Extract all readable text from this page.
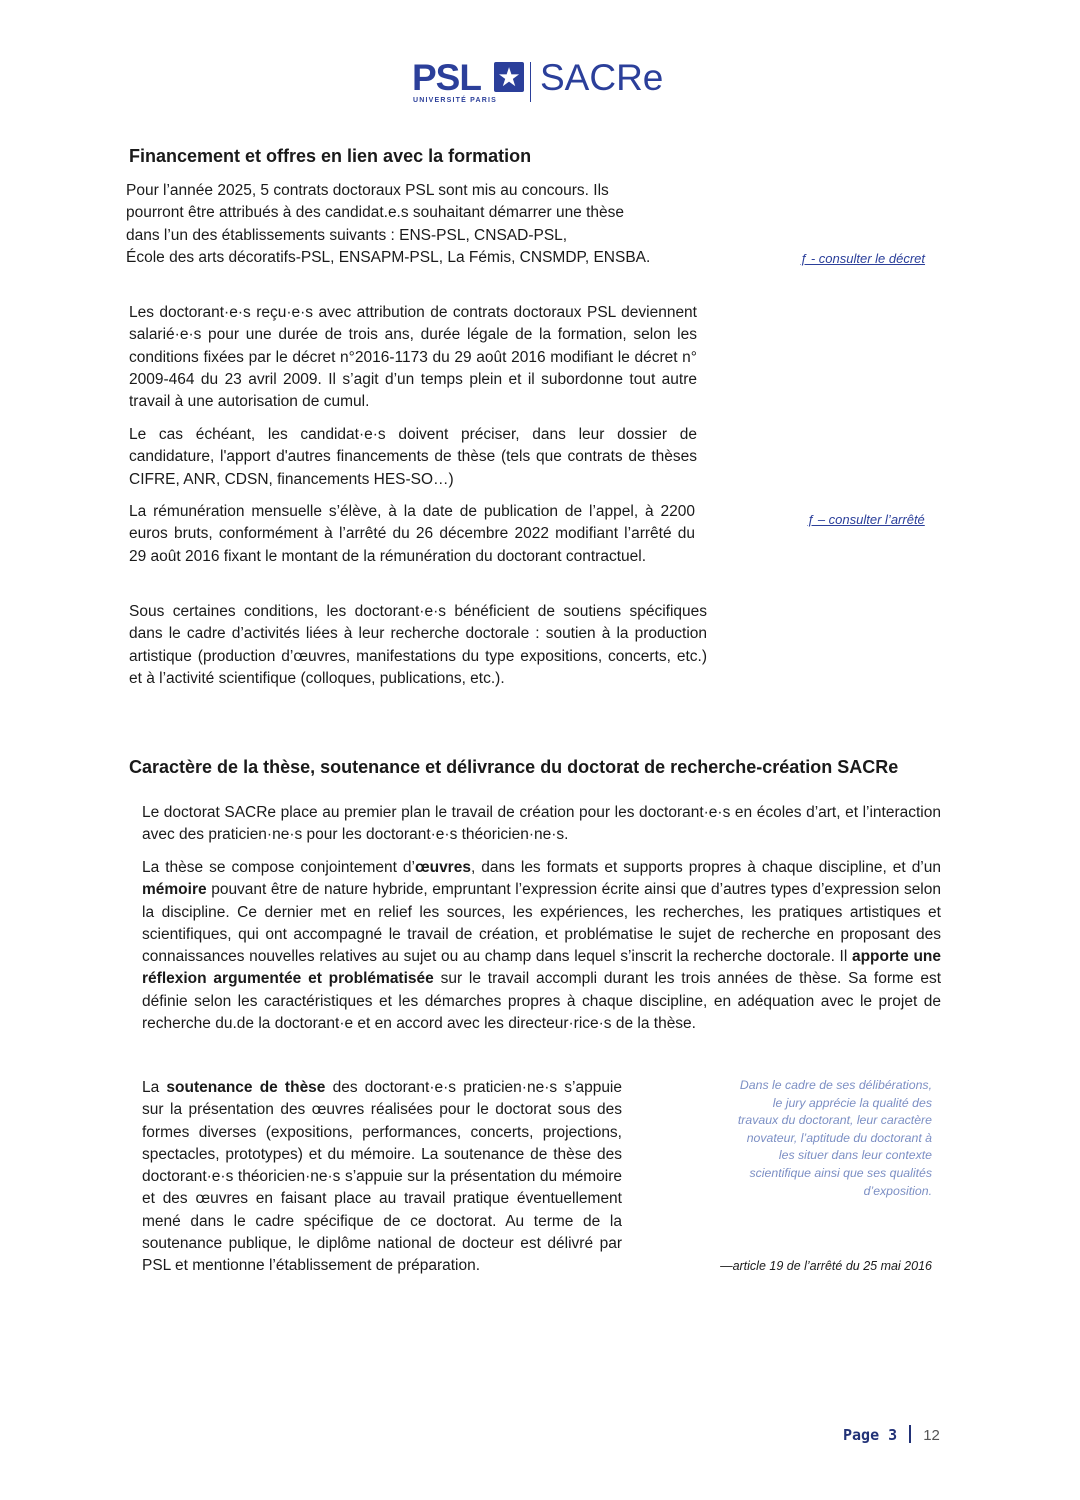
PSL ★
UNIVERSITÉ PARIS
SACRe
Financement et offres en lien avec la formation
Pour l’année 2025, 5 contrats doctoraux PSL sont mis au concours. Ils
pourront être attribués à des candidat.e.s souhaitant démarrer une thèse
dans l’un des établissements suivants : ENS-PSL, CNSAD-PSL,
École des arts décoratifs-PSL, ENSAPM-PSL, La Fémis, CNSMDP, ENSBA.	ƒ - consulter le décret

Les doctorant·e·s reçu·e·s avec attribution de contrats doctoraux PSL deviennent salarié·e·s pour une durée de trois ans, durée légale de la formation, selon les conditions fixées par le décret n°2016-1173 du 29 août 2016 modifiant le décret n° 2009-464 du 23 avril 2009. Il s’agit d’un temps plein et il subordonne tout autre travail à une autorisation de cumul.

Le cas échéant, les candidat·e·s doivent préciser, dans leur dossier de candidature, l'apport d'autres financements de thèse (tels que contrats de thèses CIFRE, ANR, CDSN, financements HES-SO…)

La rémunération mensuelle s’élève, à la date de publication de l’appel, à 2200 euros bruts, conformément à l’arrêté du 26 décembre 2022 modifiant l’arrêté du 29 août 2016 fixant le montant de la rémunération du doctorant contractuel.

ƒ – consulter l’arrêté

Sous certaines conditions, les doctorant·e·s bénéficient de soutiens spécifiques dans le cadre d’activités liées à leur recherche doctorale : soutien à la production artistique (production d’œuvres, manifestations du type expositions, concerts, etc.) et à l’activité scientifique (colloques, publications, etc.).

Caractère de la thèse, soutenance et délivrance du doctorat de recherche-création SACRe

Le doctorat SACRe place au premier plan le travail de création pour les doctorant·e·s en écoles d’art, et l’interaction avec des praticien·ne·s pour les doctorant·e·s théoricien·ne·s.

La thèse se compose conjointement d’œuvres, dans les formats et supports propres à chaque discipline, et d’un mémoire pouvant être de nature hybride, empruntant l’expression écrite ainsi que d’autres types d’expression selon la discipline. Ce dernier met en relief les sources, les expériences, les recherches, les pratiques artistiques et scientifiques, qui ont accompagné le travail de création, et problématise le sujet de recherche en proposant des connaissances nouvelles relatives au sujet ou au champ dans lequel s’inscrit la recherche doctorale. Il apporte une réflexion argumentée et problématisée sur le travail accompli durant les trois années de thèse. Sa forme est définie selon les caractéristiques et les démarches propres à chaque discipline, en adéquation avec le projet de recherche du.de la doctorant·e et en accord avec les directeur·rice·s de la thèse.

La soutenance de thèse des doctorant·e·s praticien·ne·s s’appuie sur la présentation des œuvres réalisées pour le doctorat sous des formes diverses (expositions, performances, concerts, projections, spectacles, prototypes) et du mémoire. La soutenance de thèse des doctorant·e·s théoricien·ne·s s’appuie sur la présentation du mémoire et des œuvres en faisant place au travail pratique éventuellement mené dans le cadre spécifique de ce doctorat. Au terme de la soutenance publique, le diplôme national de docteur est délivré par PSL et mentionne l’établissement de préparation.

Dans le cadre de ses délibérations, le jury apprécie la qualité des travaux du doctorant, leur caractère novateur, l’aptitude du doctorant à les situer dans leur contexte scientifique ainsi que ses qualités d’exposition.
—article 19 de l’arrêté du 25 mai 2016
Page 3 12
